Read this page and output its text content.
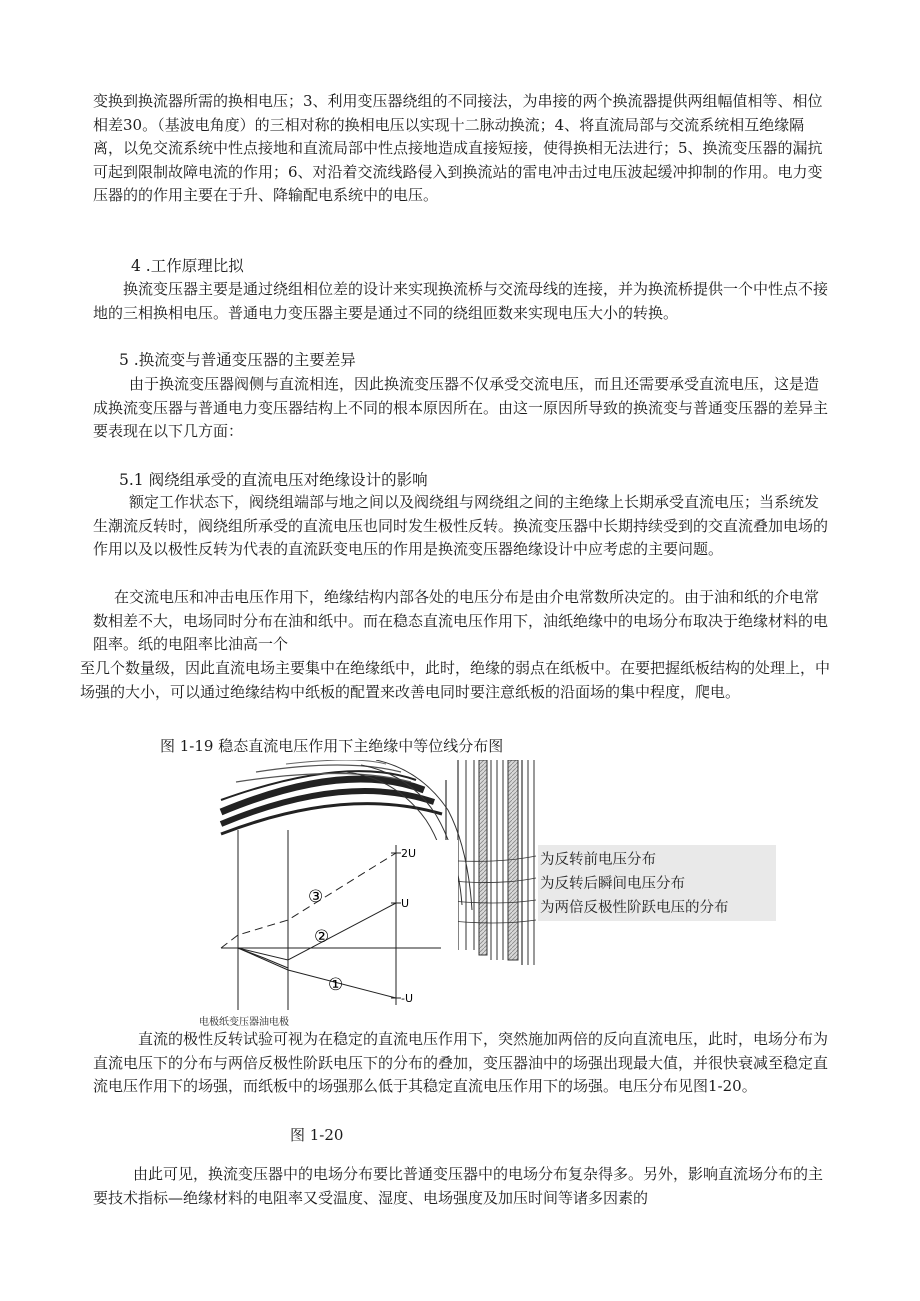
变换到换流器所需的换相电压；3、利用变压器绕组的不同接法，为串接的两个换流器提供两组幅值相等、相位相差30。（基波电角度）的三相对称的换相电压以实现十二脉动换流；4、将直流局部与交流系统相互绝缘隔离，以免交流系统中性点接地和直流局部中性点接地造成直接短接，使得换相无法进行；5、换流变压器的漏抗可起到限制故障电流的作用；6、对沿着交流线路侵入到换流站的雷电冲击过电压波起缓冲抑制的作用。电力变压器的的作用主要在于升、降输配电系统中的电压。
4 .工作原理比拟
换流变压器主要是通过绕组相位差的设计来实现换流桥与交流母线的连接，并为换流桥提供一个中性点不接地的三相换相电压。普通电力变压器主要是通过不同的绕组匝数来实现电压大小的转换。
5 .换流变与普通变压器的主要差异
由于换流变压器阀侧与直流相连，因此换流变压器不仅承受交流电压，而且还需要承受直流电压，这是造成换流变压器与普通电力变压器结构上不同的根本原因所在。由这一原因所导致的换流变与普通变压器的差异主要表现在以下几方面：
5.1 阀绕组承受的直流电压对绝缘设计的影响
额定工作状态下，阀绕组端部与地之间以及阀绕组与网绕组之间的主绝缘上长期承受直流电压；当系统发生潮流反转时，阀绕组所承受的直流电压也同时发生极性反转。换流变压器中长期持续受到的交直流叠加电场的作用以及以极性反转为代表的直流跃变电压的作用是换流变压器绝缘设计中应考虑的主要问题。
在交流电压和冲击电压作用下，绝缘结构内部各处的电压分布是由介电常数所决定的。由于油和纸的介电常数相差不大，电场同时分布在油和纸中。而在稳态直流电压作用下，油纸绝缘中的电场分布取决于绝缘材料的电阻率。纸的电阻率比油高一个
至几个数量级，因此直流电场主要集中在绝缘纸中，此时，绝缘的弱点在纸板中。在要把握纸板结构的处理上，中场强的大小，可以通过绝缘结构中纸板的配置来改善电同时要注意纸板的沿面场的集中程度，爬电。
图 1-19 稳态直流电压作用下主绝缘中等位线分布图
2U
U
-U
③
②
①
为反转前电压分布
为反转后瞬间电压分布
为两倍反极性阶跃电压的分布
电极纸变压器油电极
直流的极性反转试验可视为在稳定的直流电压作用下，突然施加两倍的反向直流电压，此时，电场分布为直流电压下的分布与两倍反极性阶跃电压下的分布的叠加，变压器油中的场强出现最大值，并很快衰减至稳定直流电压作用下的场强，而纸板中的场强那么低于其稳定直流电压作用下的场强。电压分布见图1-20。
图 1-20
由此可见，换流变压器中的电场分布要比普通变压器中的电场分布复杂得多。另外，影响直流场分布的主要技术指标—绝缘材料的电阻率又受温度、湿度、电场强度及加压时间等诸多因素的
